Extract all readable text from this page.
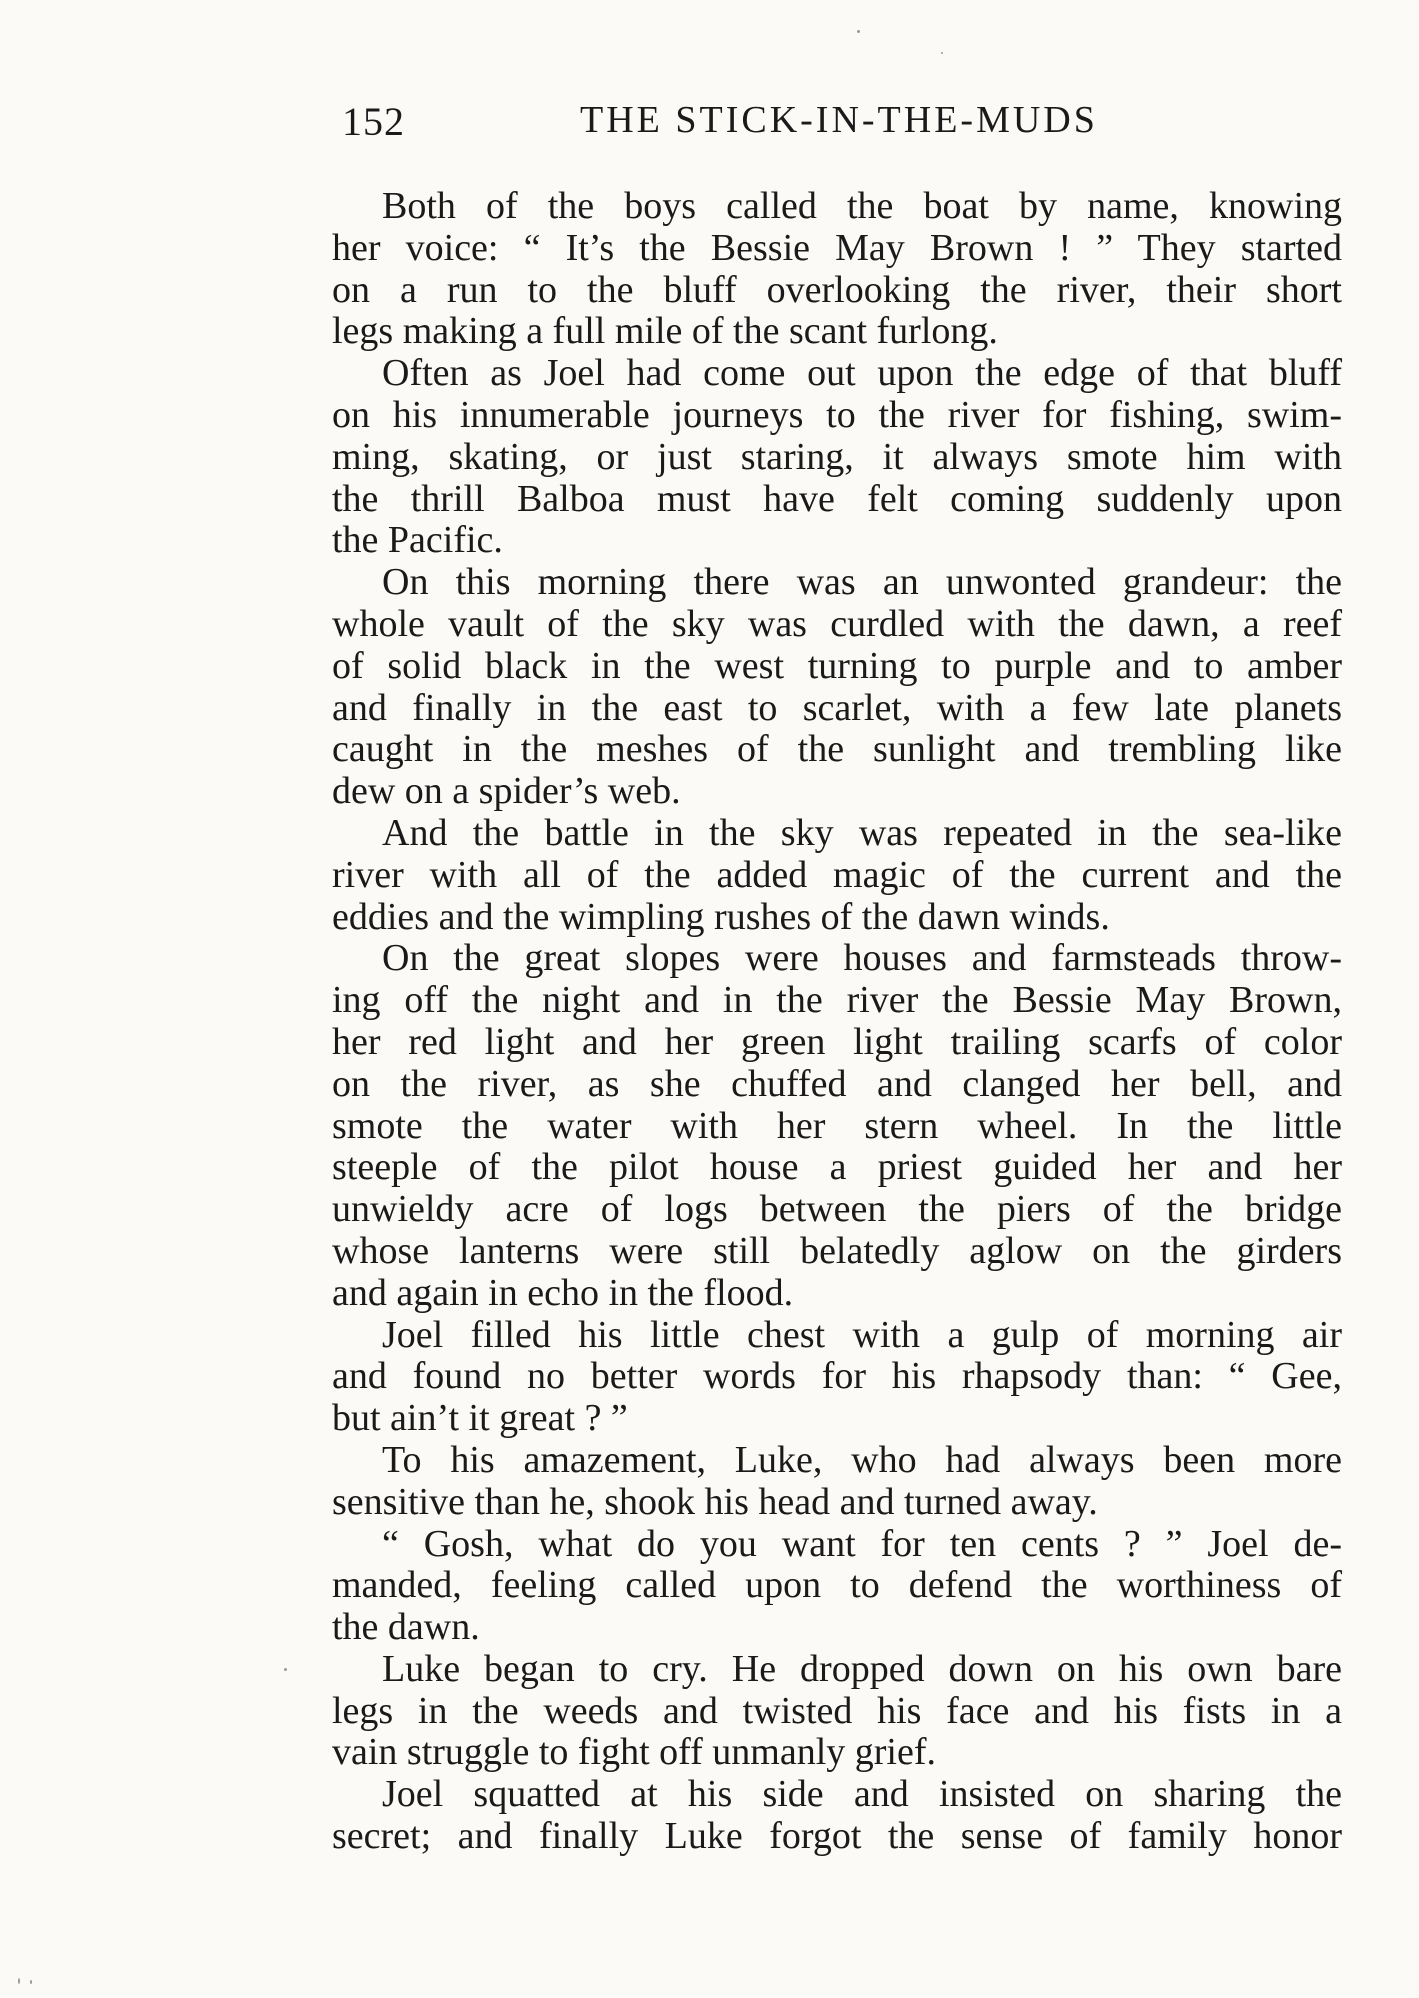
152	THE STICK-IN-THE-MUDS

Both of the boys called the boat by name, knowing
her voice: “ It’s the Bessie May Brown ! ” They started
on a run to the bluff overlooking the river, their short
legs making a full mile of the scant furlong.

Often as Joel had come out upon the edge of that bluff
on his innumerable journeys to the river for fishing, swim-
ming, skating, or just staring, it always smote him with
the thrill Balboa must have felt coming suddenly upon
the Pacific.

On this morning there was an unwonted grandeur: the
whole vault of the sky was curdled with the dawn, a reef
of solid black in the west turning to purple and to amber
and finally in the east to scarlet, with a few late planets
caught in the meshes of the sunlight and trembling like
dew on a spider’s web.

And the battle in the sky was repeated in the sea-like
river with all of the added magic of the current and the
eddies and the wimpling rushes of the dawn winds.

On the great slopes were houses and farmsteads throw-
ing off the night and in the river the Bessie May Brown,
her red light and her green light trailing scarfs of color
on the river, as she chuffed and clanged her bell, and
smote the water with her stern wheel. In the little
steeple of the pilot house a priest guided her and her
unwieldy acre of logs between the piers of the bridge
whose lanterns were still belatedly aglow on the girders
and again in echo in the flood.

Joel filled his little chest with a gulp of morning air
and found no better words for his rhapsody than: “ Gee,
but ain’t it great ? ”

To his amazement, Luke, who had always been more
sensitive than he, shook his head and turned away.

“ Gosh, what do you want for ten cents ? ” Joel de-
manded, feeling called upon to defend the worthiness of
the dawn.

Luke began to cry. He dropped down on his own bare
legs in the weeds and twisted his face and his fists in a
vain struggle to fight off unmanly grief.

Joel squatted at his side and insisted on sharing the
secret; and finally Luke forgot the sense of family honor
